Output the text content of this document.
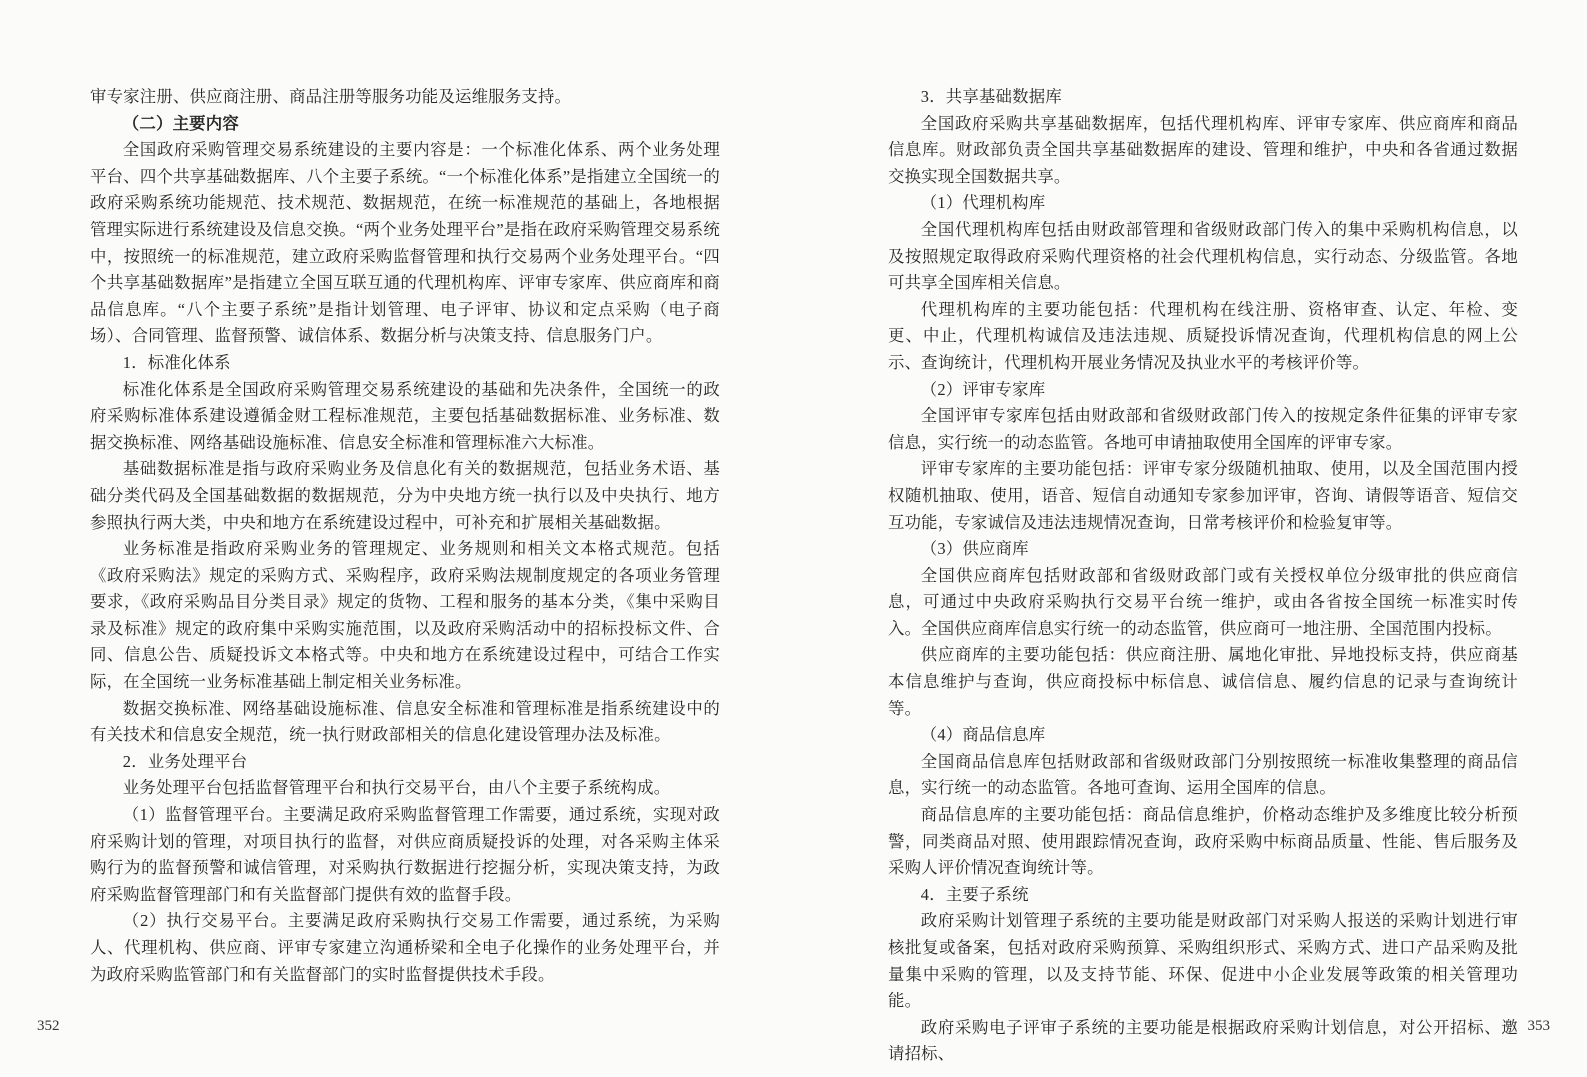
审专家注册、供应商注册、商品注册等服务功能及运维服务支持。

（二）主要内容

全国政府采购管理交易系统建设的主要内容是：一个标准化体系、两个业务处理平台、四个共享基础数据库、八个主要子系统。“一个标准化体系”是指建立全国统一的政府采购系统功能规范、技术规范、数据规范，在统一标准规范的基础上，各地根据管理实际进行系统建设及信息交换。“两个业务处理平台”是指在政府采购管理交易系统中，按照统一的标准规范，建立政府采购监督管理和执行交易两个业务处理平台。“四个共享基础数据库”是指建立全国互联互通的代理机构库、评审专家库、供应商库和商品信息库。“八个主要子系统”是指计划管理、电子评审、协议和定点采购（电子商场）、合同管理、监督预警、诚信体系、数据分析与决策支持、信息服务门户。

1．标准化体系

标准化体系是全国政府采购管理交易系统建设的基础和先决条件，全国统一的政府采购标准体系建设遵循金财工程标准规范，主要包括基础数据标准、业务标准、数据交换标准、网络基础设施标准、信息安全标准和管理标准六大标准。

基础数据标准是指与政府采购业务及信息化有关的数据规范，包括业务术语、基础分类代码及全国基础数据的数据规范，分为中央地方统一执行以及中央执行、地方参照执行两大类，中央和地方在系统建设过程中，可补充和扩展相关基础数据。

业务标准是指政府采购业务的管理规定、业务规则和相关文本格式规范。包括《政府采购法》规定的采购方式、采购程序，政府采购法规制度规定的各项业务管理要求，《政府采购品目分类目录》规定的货物、工程和服务的基本分类，《集中采购目录及标准》规定的政府集中采购实施范围，以及政府采购活动中的招标投标文件、合同、信息公告、质疑投诉文本格式等。中央和地方在系统建设过程中，可结合工作实际，在全国统一业务标准基础上制定相关业务标准。

数据交换标准、网络基础设施标准、信息安全标准和管理标准是指系统建设中的有关技术和信息安全规范，统一执行财政部相关的信息化建设管理办法及标准。

2．业务处理平台

业务处理平台包括监督管理平台和执行交易平台，由八个主要子系统构成。

（1）监督管理平台。主要满足政府采购监督管理工作需要，通过系统，实现对政府采购计划的管理，对项目执行的监督，对供应商质疑投诉的处理，对各采购主体采购行为的监督预警和诚信管理，对采购执行数据进行挖掘分析，实现决策支持，为政府采购监督管理部门和有关监督部门提供有效的监督手段。

（2）执行交易平台。主要满足政府采购执行交易工作需要，通过系统，为采购人、代理机构、供应商、评审专家建立沟通桥梁和全电子化操作的业务处理平台，并为政府采购监管部门和有关监督部门的实时监督提供技术手段。

3．共享基础数据库

全国政府采购共享基础数据库，包括代理机构库、评审专家库、供应商库和商品信息库。财政部负责全国共享基础数据库的建设、管理和维护，中央和各省通过数据交换实现全国数据共享。

（1）代理机构库

全国代理机构库包括由财政部管理和省级财政部门传入的集中采购机构信息，以及按照规定取得政府采购代理资格的社会代理机构信息，实行动态、分级监管。各地可共享全国库相关信息。

代理机构库的主要功能包括：代理机构在线注册、资格审查、认定、年检、变更、中止，代理机构诚信及违法违规、质疑投诉情况查询，代理机构信息的网上公示、查询统计，代理机构开展业务情况及执业水平的考核评价等。

（2）评审专家库

全国评审专家库包括由财政部和省级财政部门传入的按规定条件征集的评审专家信息，实行统一的动态监管。各地可申请抽取使用全国库的评审专家。

评审专家库的主要功能包括：评审专家分级随机抽取、使用，以及全国范围内授权随机抽取、使用，语音、短信自动通知专家参加评审，咨询、请假等语音、短信交互功能，专家诚信及违法违规情况查询，日常考核评价和检验复审等。

（3）供应商库

全国供应商库包括财政部和省级财政部门或有关授权单位分级审批的供应商信息，可通过中央政府采购执行交易平台统一维护，或由各省按全国统一标准实时传入。全国供应商库信息实行统一的动态监管，供应商可一地注册、全国范围内投标。

供应商库的主要功能包括：供应商注册、属地化审批、异地投标支持，供应商基本信息维护与查询，供应商投标中标信息、诚信信息、履约信息的记录与查询统计等。

（4）商品信息库

全国商品信息库包括财政部和省级财政部门分别按照统一标准收集整理的商品信息，实行统一的动态监管。各地可查询、运用全国库的信息。

商品信息库的主要功能包括：商品信息维护，价格动态维护及多维度比较分析预警，同类商品对照、使用跟踪情况查询，政府采购中标商品质量、性能、售后服务及采购人评价情况查询统计等。

4．主要子系统

政府采购计划管理子系统的主要功能是财政部门对采购人报送的采购计划进行审核批复或备案，包括对政府采购预算、采购组织形式、采购方式、进口产品采购及批量集中采购的管理，以及支持节能、环保、促进中小企业发展等政策的相关管理功能。

政府采购电子评审子系统的主要功能是根据政府采购计划信息，对公开招标、邀请招标、

352	353
